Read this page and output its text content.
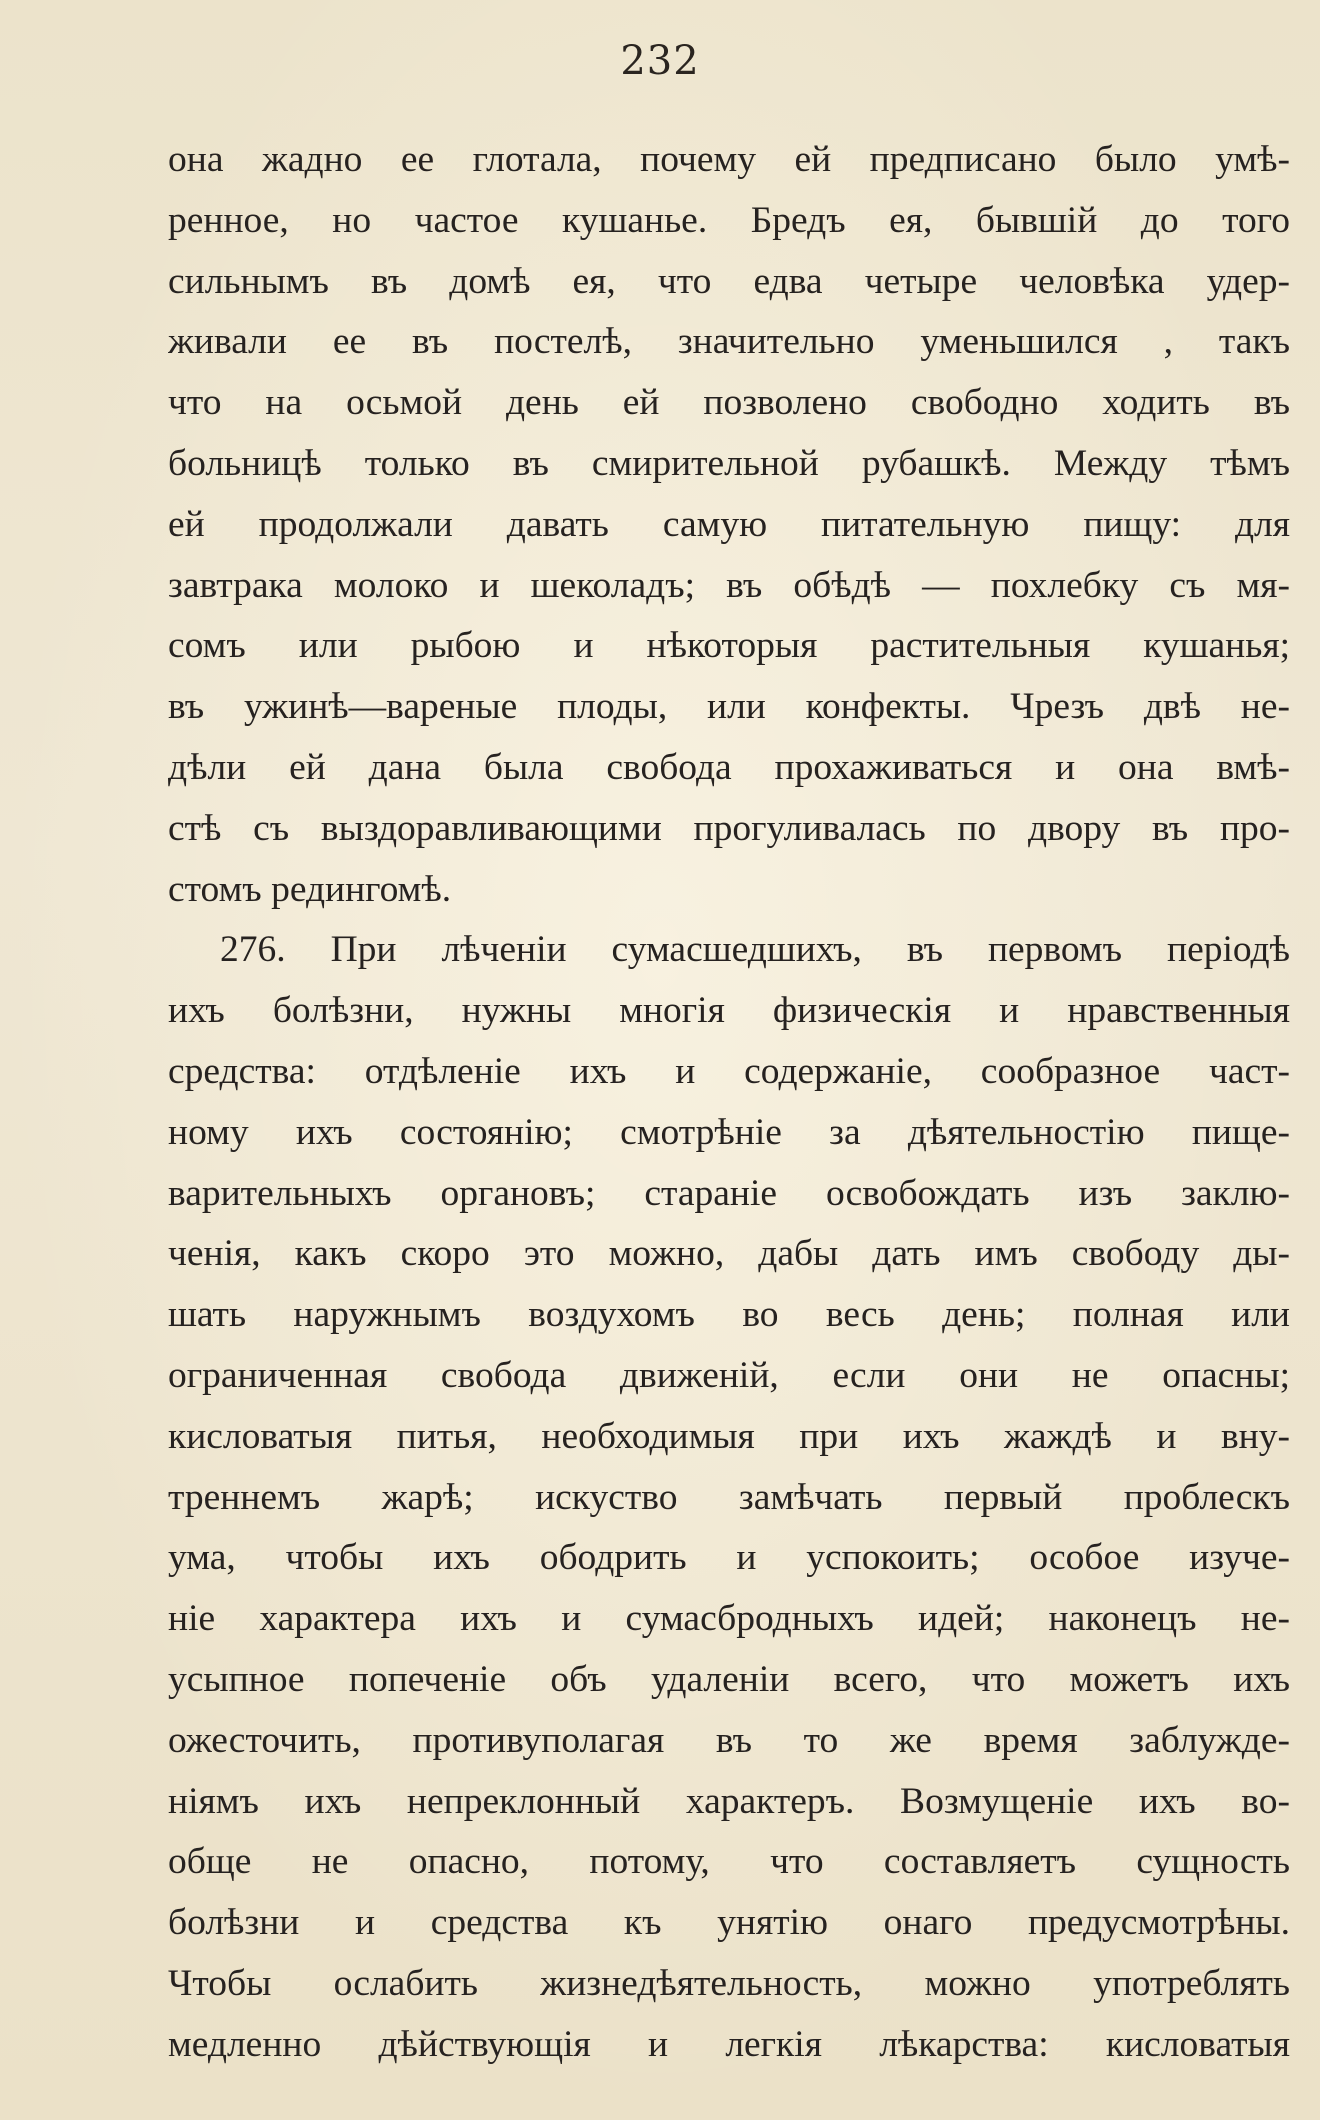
232
она жадно ее глотала, почему ей предписано было умѣ-
ренное, но частое кушанье. Бредъ ея, бывшій до того
сильнымъ въ домѣ ея, что едва четыре человѣка удер-
живали ее въ постелѣ, значительно уменьшился , такъ
что на осьмой день ей позволено свободно ходить въ
больницѣ только въ смирительной рубашкѣ. Между тѣмъ
ей продолжали давать самую питательную пищу: для
завтрака молоко и шеколадъ; въ обѣдѣ — похлебку съ мя-
сомъ или рыбою и нѣкоторыя растительныя кушанья;
въ ужинѣ—вареные плоды, или конфекты. Чрезъ двѣ не-
дѣли ей дана была свобода прохаживаться и она вмѣ-
стѣ съ выздоравливающими прогуливалась по двору въ про-
стомъ редингомѣ.
276. При лѣченіи сумасшедшихъ, въ первомъ періодѣ
ихъ болѣзни, нужны многія физическія и нравственныя
средства: отдѣленіе ихъ и содержаніе, сообразное част-
ному ихъ состоянію; смотрѣніе за дѣятельностію пище-
варительныхъ органовъ; стараніе освобождать изъ заклю-
ченія, какъ скоро это можно, дабы дать имъ свободу ды-
шать наружнымъ воздухомъ во весь день; полная или
ограниченная свобода движеній, если они не опасны;
кисловатыя питья, необходимыя при ихъ жаждѣ и вну-
треннемъ жарѣ; искуство замѣчать первый проблескъ
ума, чтобы ихъ ободрить и успокоить; особое изуче-
ніе характера ихъ и сумасбродныхъ идей; наконецъ не-
усыпное попеченіе объ удаленіи всего, что можетъ ихъ
ожесточить, противуполагая въ то же время заблужде-
ніямъ ихъ непреклонный характеръ. Возмущеніе ихъ во-
обще не опасно, потому, что составляетъ сущность
болѣзни и средства къ унятію онаго предусмотрѣны.
Чтобы ослабить жизнедѣятельность, можно употреблять
медленно дѣйствующія и легкія лѣкарства: кисловатыя
